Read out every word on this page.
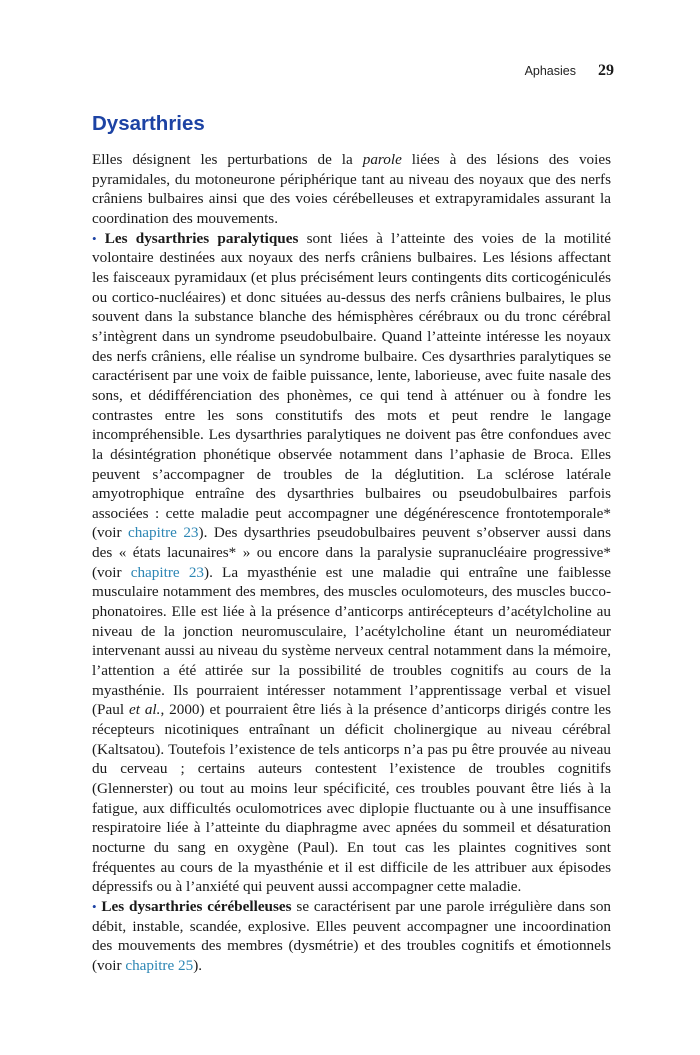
Aphasies 29
Dysarthries

Elles désignent les perturbations de la parole liées à des lésions des voies pyramidales, du motoneurone périphérique tant au niveau des noyaux que des nerfs crâniens bulbaires ainsi que des voies cérébelleuses et extrapyramidales assurant la coordination des mouvements.

• Les dysarthries paralytiques sont liées à l’atteinte des voies de la motilité volontaire destinées aux noyaux des nerfs crâniens bulbaires. Les lésions affectant les faisceaux pyramidaux (et plus précisément leurs contingents dits corticogéniculés ou cortico-nucléaires) et donc situées au-dessus des nerfs crâniens bulbaires, le plus souvent dans la substance blanche des hémisphères cérébraux ou du tronc cérébral s’intègrent dans un syndrome pseudobulbaire. Quand l’atteinte intéresse les noyaux des nerfs crâniens, elle réalise un syndrome bulbaire. Ces dysarthries paralytiques se caractérisent par une voix de faible puissance, lente, laborieuse, avec fuite nasale des sons, et dédifférenciation des phonèmes, ce qui tend à atténuer ou à fondre les contrastes entre les sons constitutifs des mots et peut rendre le langage incompréhensible. Les dysarthries paralytiques ne doivent pas être confondues avec la désintégration phonétique observée notamment dans l’aphasie de Broca. Elles peuvent s’accompagner de troubles de la déglutition. La sclérose latérale amyotrophique entraîne des dysarthries bulbaires ou pseudobulbaires parfois associées : cette maladie peut accompagner une dégénérescence frontotemporale* (voir chapitre 23). Des dysarthries pseudobulbaires peuvent s’observer aussi dans des « états lacunaires* » ou encore dans la paralysie supranucléaire progressive* (voir chapitre 23). La myasthénie est une maladie qui entraîne une faiblesse musculaire notamment des membres, des muscles oculomoteurs, des muscles bucco-phonatoires. Elle est liée à la présence d’anticorps antirécepteurs d’acétylcholine au niveau de la jonction neuromusculaire, l’acétylcholine étant un neuromédiateur intervenant aussi au niveau du système nerveux central notamment dans la mémoire, l’attention a été attirée sur la possibilité de troubles cognitifs au cours de la myasthénie. Ils pourraient intéresser notamment l’apprentissage verbal et visuel (Paul et al., 2000) et pourraient être liés à la présence d’anticorps dirigés contre les récepteurs nicotiniques entraînant un déficit cholinergique au niveau cérébral (Kaltsatou). Toutefois l’existence de tels anticorps n’a pas pu être prouvée au niveau du cerveau ; certains auteurs contestent l’existence de troubles cognitifs (Glennerster) ou tout au moins leur spécificité, ces troubles pouvant être liés à la fatigue, aux difficultés oculomotrices avec diplopie fluctuante ou à une insuffisance respiratoire liée à l’atteinte du diaphragme avec apnées du sommeil et désaturation nocturne du sang en oxygène (Paul). En tout cas les plaintes cognitives sont fréquentes au cours de la myasthénie et il est difficile de les attribuer aux épisodes dépressifs ou à l’anxiété qui peuvent aussi accompagner cette maladie.

• Les dysarthries cérébelleuses se caractérisent par une parole irrégulière dans son débit, instable, scandée, explosive. Elles peuvent accompagner une incoordination des mouvements des membres (dysmétrie) et des troubles cognitifs et émotionnels (voir chapitre 25).
